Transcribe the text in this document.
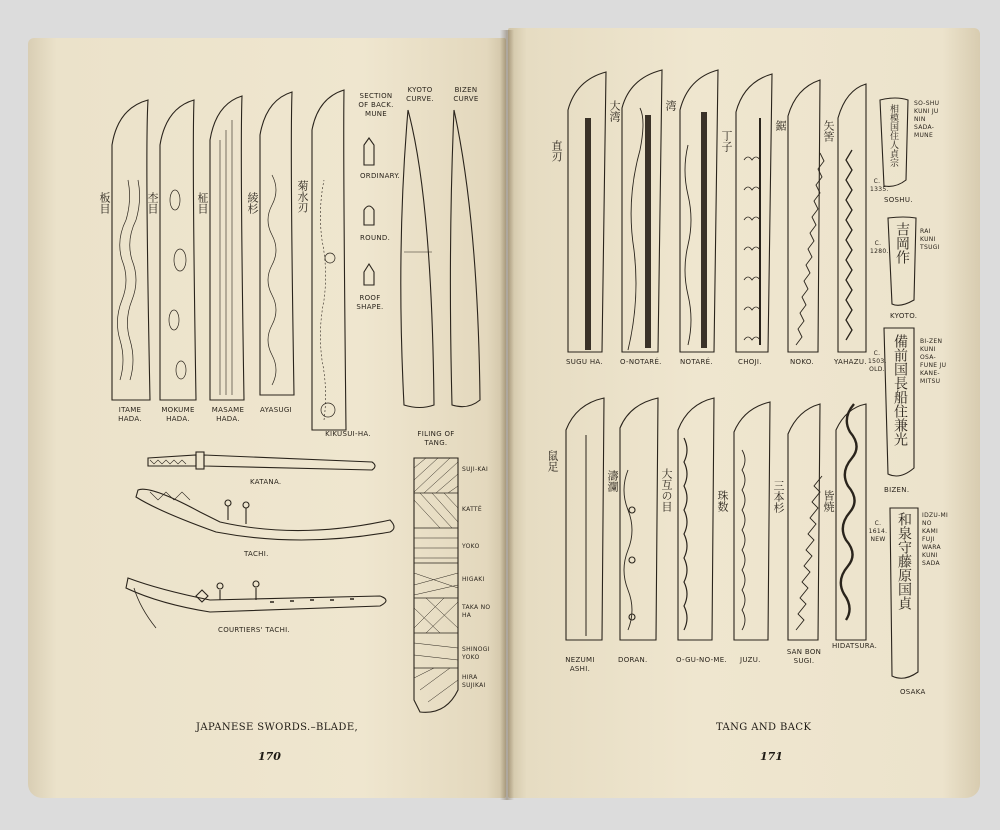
板目	杢目	柾目	綾杉	菊水刃
ITAME HADA.
MOKUME HADA.
MASAME HADA.
AYASUGI
KIKUSUI-HA.
SECTION OF BACK. MUNE
ORDINARY.
ROUND.
ROOF SHAPE.
KYOTO CURVE.
BIZEN CURVE
KATANA.
TACHI.
COURTIERS' TACHI.
FILING OF TANG.
SUJI-KAI
KATTÉ
YOKO
HIGAKI
TAKA NO HA
SHINOGI YOKO
HIRA SUJIKAI
JAPANESE SWORDS.–BLADE,
170
直刃
大湾	湾
丁子
鋸	矢筈
SUGU HA. O-NOTARÉ.	NOTARÉ.	CHOJI.	NOKO.	YAHAZU.
鼠足
濤瀾	大互の目	珠数	三本杉	皆焼
NEZUMI ASHI.
DORAN.	O-GU-NO-ME. JUZU.
SAN BON SUGI.
HIDATSURA.
C. 1335.
相模国住人貞宗
SO-SHU KUNI JU NIN SADA-MUNE
SOSHU.
C. 1280. 吉岡作 RAI KUNI TSUGI
KYOTO.
C. 1503. OLD. 備前国長船住兼光 BI-ZEN KUNI OSA-FUNE JU KANE-MITSU
BIZEN.
C. 1614. NEW 和泉守藤原国貞 IDZU-MI NO KAMI FUJI WARA KUNI SADA
OSAKA
TANG AND BACK
171
